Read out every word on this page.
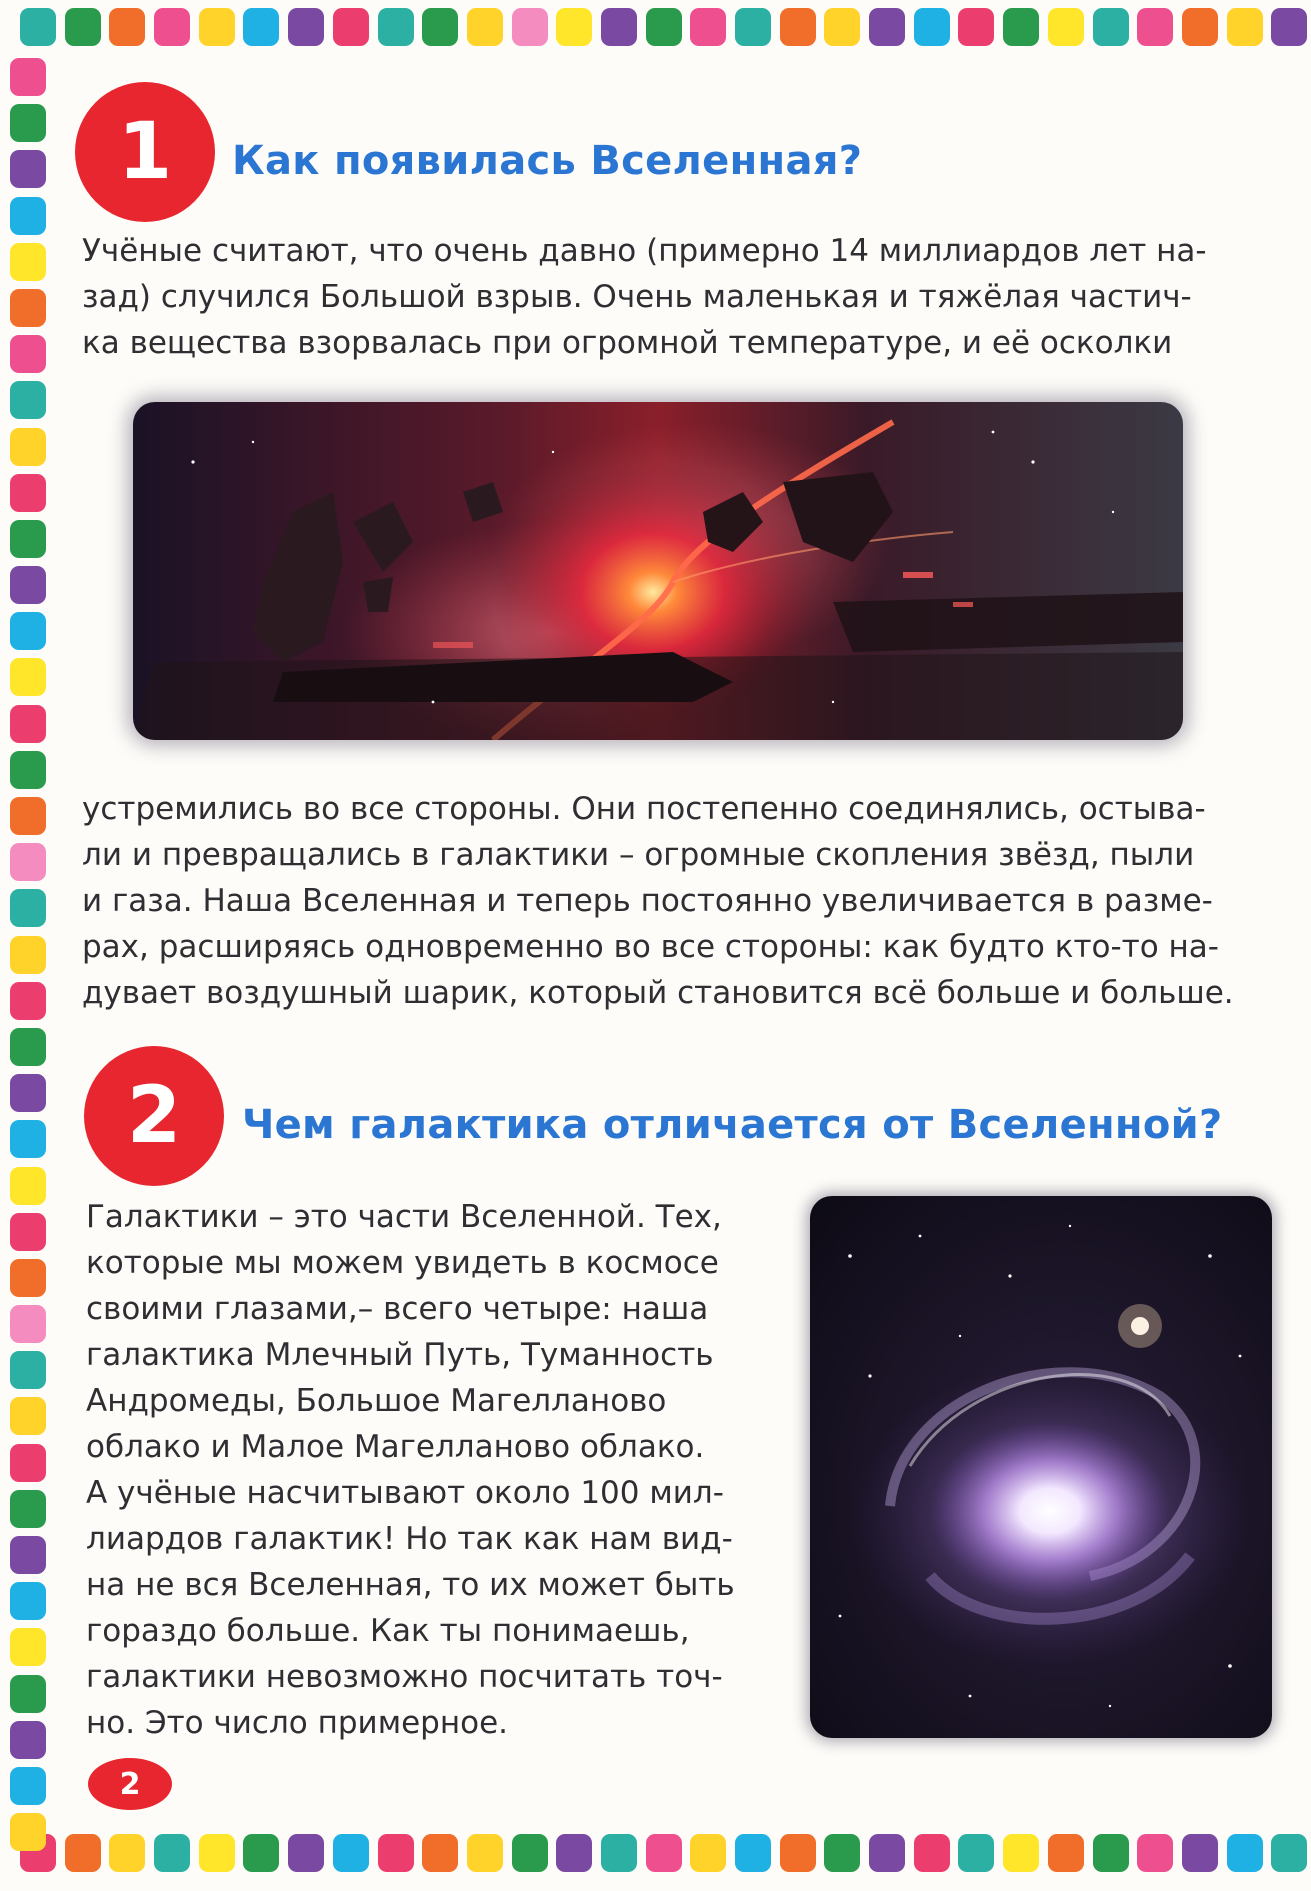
1	Как появилась Вселенная?

Учёные считают, что очень давно (примерно 14 миллиардов лет на-
зад) случился Большой взрыв. Очень маленькая и тяжёлая частич-
ка вещества взорвалась при огромной температуре, и её осколки

устремились во все стороны. Они постепенно соединялись, остыва-
ли и превращались в галактики – огромные скопления звёзд, пыли
и газа. Наша Вселенная и теперь постоянно увеличивается в разме-
рах, расширяясь одновременно во все стороны: как будто кто-то на-
дувает воздушный шарик, который становится всё больше и больше.

2	Чем галактика отличается от Вселенной?

Галактики – это части Вселенной. Тех,
которые мы можем увидеть в космосе
своими глазами,– всего четыре: наша
галактика Млечный Путь, Туманность
Андромеды, Большое Магелланово
облако и Малое Магелланово облако.
А учёные насчитывают около 100 мил-
лиардов галактик! Но так как нам вид-
на не вся Вселенная, то их может быть
гораздо больше. Как ты понимаешь,
галактики невозможно посчитать точ-
но. Это число примерное.

2
